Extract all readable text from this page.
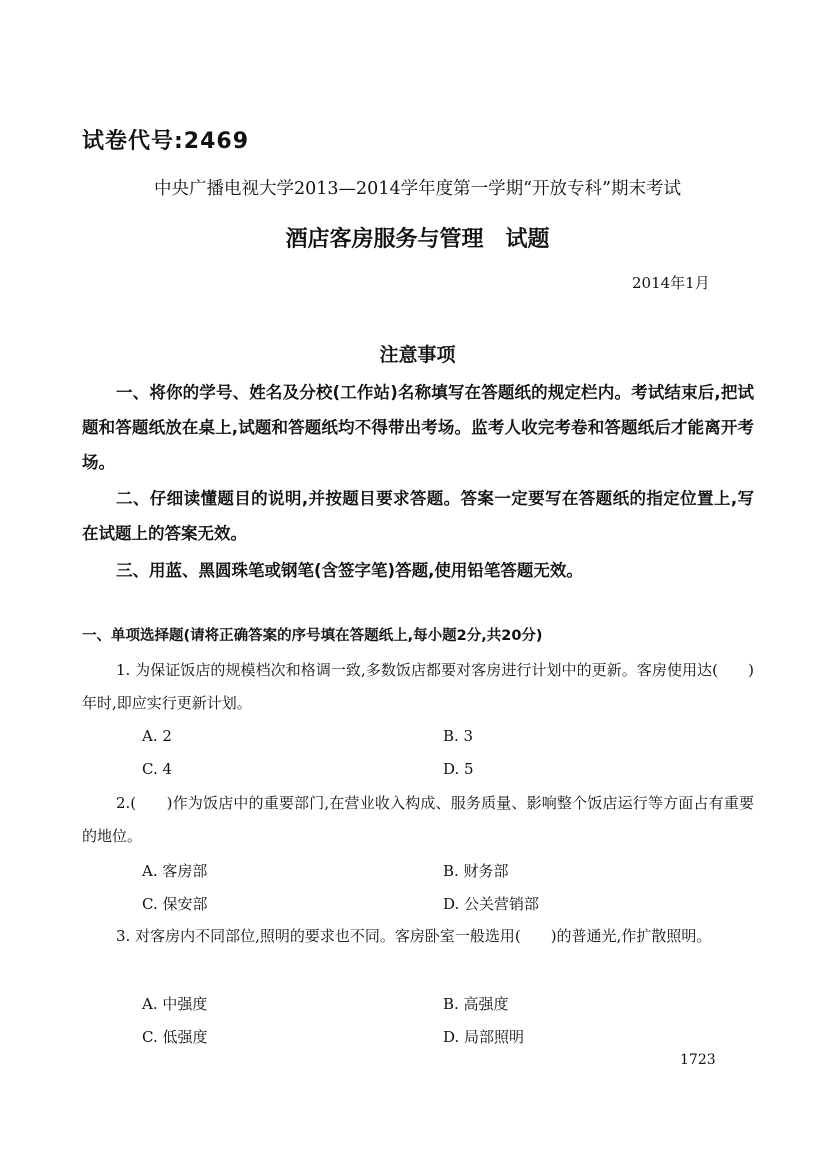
试卷代号:2469
中央广播电视大学2013—2014学年度第一学期“开放专科”期末考试
酒店客房服务与管理　试题
2014年1月
注意事项
一、将你的学号、姓名及分校(工作站)名称填写在答题纸的规定栏内。考试结束后,把试题和答题纸放在桌上,试题和答题纸均不得带出考场。监考人收完考卷和答题纸后才能离开考场。
二、仔细读懂题目的说明,并按题目要求答题。答案一定要写在答题纸的指定位置上,写在试题上的答案无效。
三、用蓝、黑圆珠笔或钢笔(含签字笔)答题,使用铅笔答题无效。
一、单项选择题(请将正确答案的序号填在答题纸上,每小题2分,共20分)
1. 为保证饭店的规模档次和格调一致,多数饭店都要对客房进行计划中的更新。客房使用达(　　)年时,即应实行更新计划。
A. 2	B. 3
C. 4	D. 5
2.(　　)作为饭店中的重要部门,在营业收入构成、服务质量、影响整个饭店运行等方面占有重要的地位。
A. 客房部	B. 财务部
C. 保安部	D. 公关营销部
3. 对客房内不同部位,照明的要求也不同。客房卧室一般选用(　　)的普通光,作扩散照明。
A. 中强度	B. 高强度
C. 低强度	D. 局部照明
1723
